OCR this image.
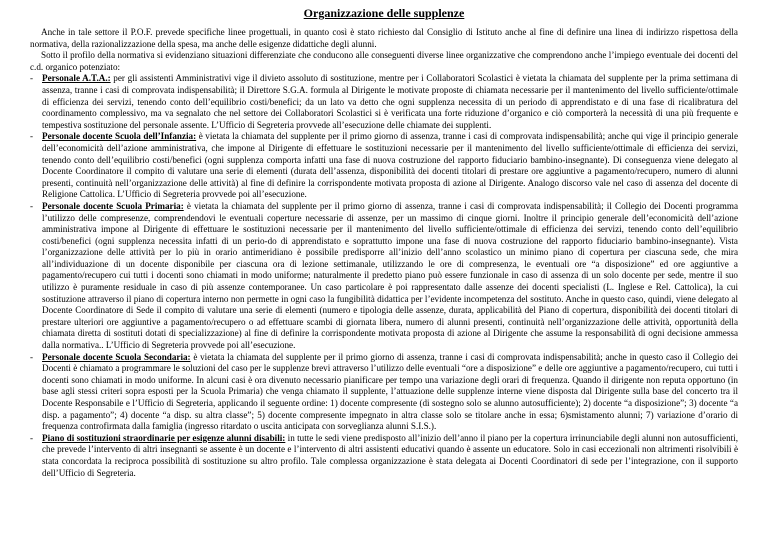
Organizzazione delle supplenze

Anche in tale settore il P.O.F. prevede specifiche linee progettuali, in quanto così è stato richiesto dal Consiglio di Istituto anche al fine di definire una linea di indirizzo rispettosa della normativa, della razionalizzazione della spesa, ma anche delle esigenze didattiche degli alunni.

Sotto il profilo della normativa si evidenziano situazioni differenziate che conducono alle conseguenti diverse linee organizzative che comprendono anche l’impiego eventuale dei docenti del c.d. organico potenziato:

- Personale A.T.A.: per gli assistenti Amministrativi vige il divieto assoluto di sostituzione, mentre per i Collaboratori Scolastici è vietata la chiamata del supplente per la prima settimana di assenza, tranne i casi di comprovata indispensabilità; il Direttore S.G.A. formula al Dirigente le motivate proposte di chiamata necessarie per il mantenimento del livello sufficiente/ottimale di efficienza dei servizi, tenendo conto dell’equilibrio costi/benefici; da un lato va detto che ogni supplenza necessita di un periodo di apprendistato e di una fase di ricalibratura del coordinamento complessivo, ma va segnalato che nel settore dei Collaboratori Scolastici si è verificata una forte riduzione d’organico e ciò comporterà la necessità di una più frequente e tempestiva sostituzione del personale assente. L’Ufficio di Segreteria provvede all’esecuzione delle chiamate dei supplenti.
- Personale docente Scuola dell’Infanzia: è vietata la chiamata del supplente per il primo giorno di assenza, tranne i casi di comprovata indispensabilità; anche qui vige il principio generale dell’economicità dell’azione amministrativa, che impone al Dirigente di effettuare le sostituzioni necessarie per il mantenimento del livello sufficiente/ottimale di efficienza dei servizi, tenendo conto dell’equilibrio costi/benefici (ogni supplenza comporta infatti una fase di nuova costruzione del rapporto fiduciario bambino-insegnante). Di conseguenza viene delegato al Docente Coordinatore il compito di valutare una serie di elementi (durata dell’assenza, disponibilità dei docenti titolari di prestare ore aggiuntive a pagamento/recupero, numero di alunni presenti, continuità nell’organizzazione delle attività) al fine di definire la corrispondente motivata proposta di azione al Dirigente. Analogo discorso vale nel caso di assenza del docente di Religione Cattolica. L’Ufficio di Segreteria provvede poi all’esecuzione.
- Personale docente Scuola Primaria: è vietata la chiamata del supplente per il primo giorno di assenza, tranne i casi di comprovata indispensabilità; il Collegio dei Docenti programma l’utilizzo delle compresenze, comprendendovi le eventuali coperture necessarie di assenze, per un massimo di cinque giorni. Inoltre il principio generale dell’economicità dell’azione amministrativa impone al Dirigente di effettuare le sostituzioni necessarie per il mantenimento del livello sufficiente/ottimale di efficienza dei servizi, tenendo conto dell’equilibrio costi/benefici (ogni supplenza necessita infatti di un perio-do di apprendistato e soprattutto impone una fase di nuova costruzione del rapporto fiduciario bambino-insegnante). Vista l’organizzazione delle attività per lo più in orario antimeridiano è possibile predisporre all’inizio dell’anno scolastico un minimo piano di copertura per ciascuna sede, che mira all’individuazione di un docente disponibile per ciascuna ora di lezione settimanale, utilizzando le ore di compresenza, le eventuali ore “a disposizione” ed ore aggiuntive a pagamento/recupero cui tutti i docenti sono chiamati in modo uniforme; naturalmente il predetto piano può essere funzionale in caso di assenza di un solo docente per sede, mentre il suo utilizzo è puramente residuale in caso di più assenze contemporanee. Un caso particolare è poi rappresentato dalle assenze dei docenti specialisti (L. Inglese e Rel. Cattolica), la cui sostituzione attraverso il piano di copertura interno non permette in ogni caso la fungibilità didattica per l’evidente incompetenza del sostituto. Anche in questo caso, quindi, viene delegato al Docente Coordinatore di Sede il compito di valutare una serie di elementi (numero e tipologia delle assenze, durata, applicabilità del Piano di copertura, disponibilità dei docenti titolari di prestare ulteriori ore aggiuntive a pagamento/recupero o ad effettuare scambi di giornata libera, numero di alunni presenti, continuità nell’organizzazione delle attività, opportunità della chiamata diretta di sostituti dotati di specializzazione) al fine di definire la corrispondente motivata proposta di azione al Dirigente che assume la responsabilità di ogni decisione ammessa dalla normativa.. L’Ufficio di Segreteria provvede poi all’esecuzione.
- Personale docente Scuola Secondaria: è vietata la chiamata del supplente per il primo giorno di assenza, tranne i casi di comprovata indispensabilità; anche in questo caso il Collegio dei Docenti è chiamato a programmare le soluzioni del caso per le supplenze brevi attraverso l’utilizzo delle eventuali “ore a disposizione” e delle ore aggiuntive a pagamento/recupero, cui tutti i docenti sono chiamati in modo uniforme. In alcuni casi è ora divenuto necessario pianificare per tempo una variazione degli orari di frequenza. Quando il dirigente non reputa opportuno (in base agli stessi criteri sopra esposti per la Scuola Primaria) che venga chiamato il supplente, l’attuazione delle supplenze interne viene disposta dal Dirigente sulla base del concerto tra il Docente Responsabile e l’Ufficio di Segreteria, applicando il seguente ordine: 1) docente compresente (di sostegno solo se alunno autosufficiente); 2) docente “a disposizione”; 3) docente “a disp. a pagamento”; 4) docente “a disp. su altra classe”; 5) docente compresente impegnato in altra classe solo se titolare anche in essa; 6)smistamento alunni; 7) variazione d’orario di frequenza controfirmata dalla famiglia (ingresso ritardato o uscita anticipata con sorveglianza alunni S.I.S.).
- Piano di sostituzioni straordinarie per esigenze alunni disabili: in tutte le sedi viene predisposto all’inizio dell’anno il piano per la copertura irrinunciabile degli alunni non autosufficienti, che prevede l’intervento di altri insegnanti se assente è un docente e l’intervento di altri assistenti educativi quando è assente un educatore. Solo in casi eccezionali non altrimenti risolvibili è stata concordata la reciproca possibilità di sostituzione su altro profilo. Tale complessa organizzazione è stata delegata ai Docenti Coordinatori di sede per l’integrazione, con il supporto dell’Ufficio di Segreteria.
